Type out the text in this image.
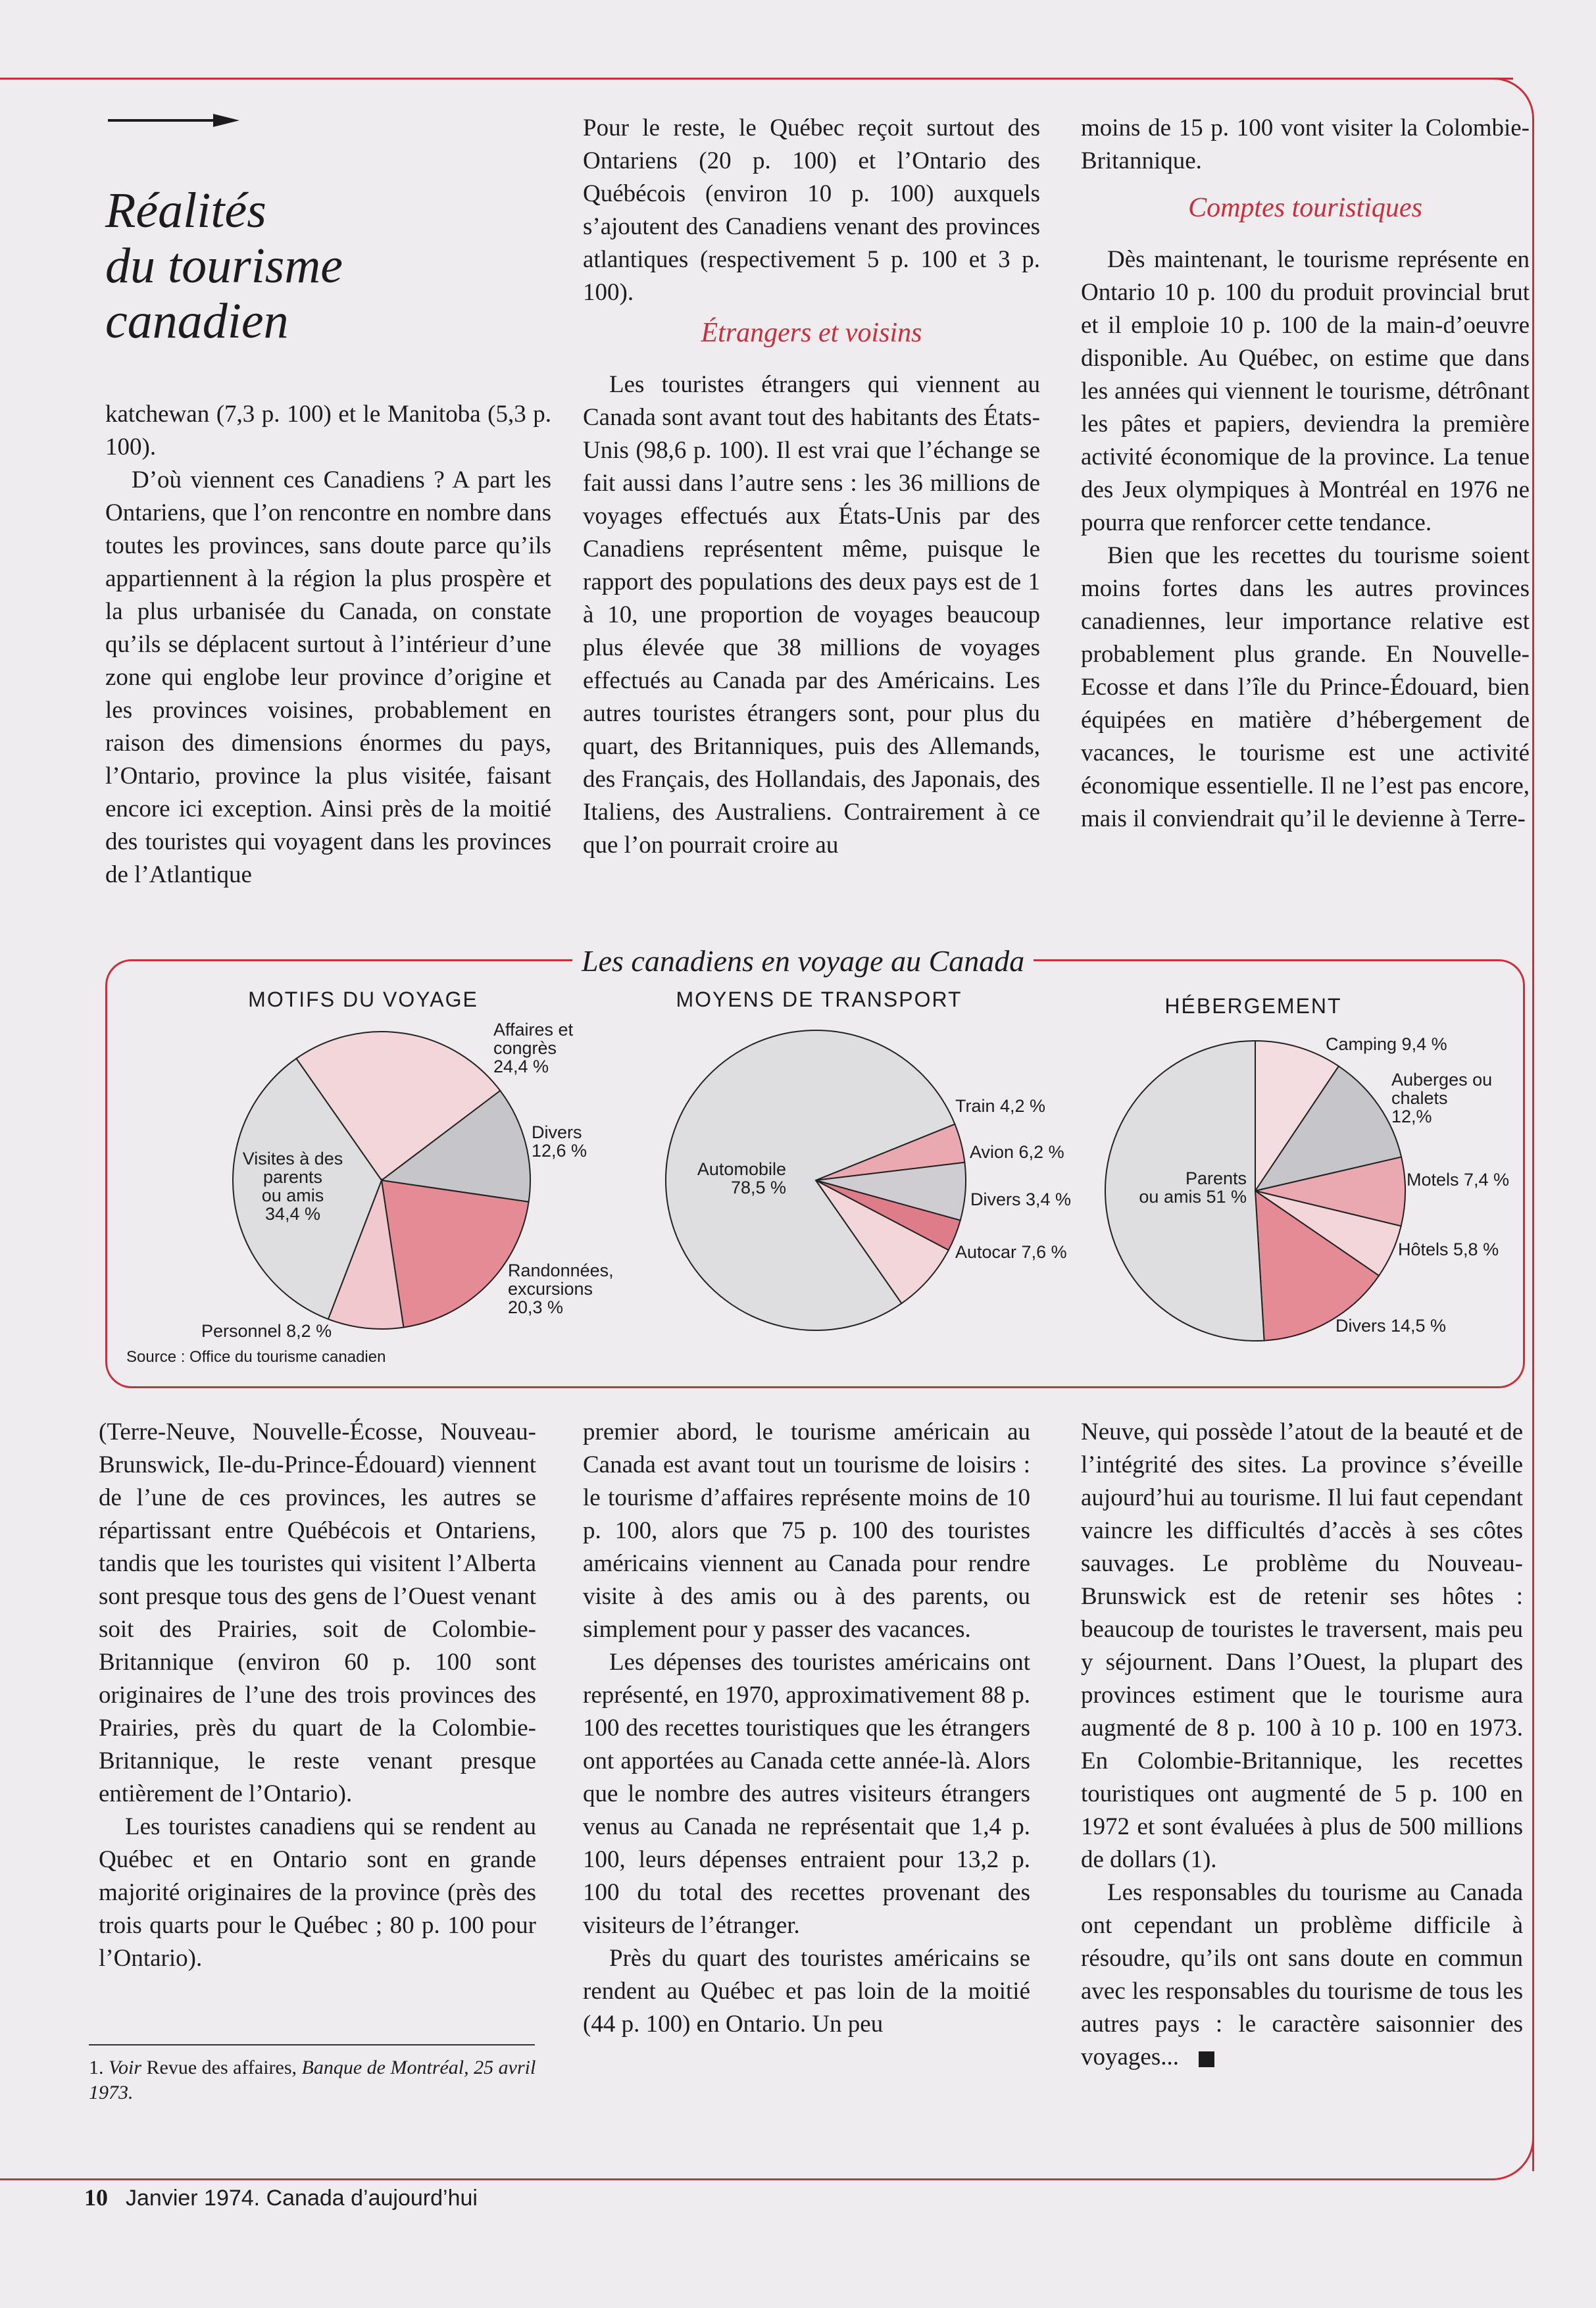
Réalités
du tourisme
canadien

katchewan (7,3 p. 100) et le Manitoba (5,3 p. 100).

D’où viennent ces Canadiens ? A part les Ontariens, que l’on rencontre en nombre dans toutes les provinces, sans doute parce qu’ils appartiennent à la région la plus prospère et la plus urbanisée du Canada, on constate qu’ils se déplacent surtout à l’intérieur d’une zone qui englobe leur province d’origine et les provinces voisines, probablement en raison des dimensions énormes du pays, l’Ontario, province la plus visitée, faisant encore ici exception. Ainsi près de la moitié des touristes qui voyagent dans les provinces de l’Atlantique

Pour le reste, le Québec reçoit surtout des Ontariens (20 p. 100) et l’Ontario des Québécois (environ 10 p. 100) auxquels s’ajoutent des Canadiens venant des provinces atlantiques (respectivement 5 p. 100 et 3 p. 100).

Étrangers et voisins

Les touristes étrangers qui viennent au Canada sont avant tout des habitants des États-Unis (98,6 p. 100). Il est vrai que l’échange se fait aussi dans l’autre sens : les 36 millions de voyages effectués aux États-Unis par des Canadiens représentent même, puisque le rapport des populations des deux pays est de 1 à 10, une proportion de voyages beaucoup plus élevée que 38 millions de voyages effectués au Canada par des Américains. Les autres touristes étrangers sont, pour plus du quart, des Britanniques, puis des Allemands, des Français, des Hollandais, des Japonais, des Italiens, des Australiens. Contrairement à ce que l’on pourrait croire au

moins de 15 p. 100 vont visiter la Colombie-Britannique.

Comptes touristiques

Dès maintenant, le tourisme représente en Ontario 10 p. 100 du produit provincial brut et il emploie 10 p. 100 de la main-d’oeuvre disponible. Au Québec, on estime que dans les années qui viennent le tourisme, détrônant les pâtes et papiers, deviendra la première activité économique de la province. La tenue des Jeux olympiques à Montréal en 1976 ne pourra que renforcer cette tendance.

Bien que les recettes du tourisme soient moins fortes dans les autres provinces canadiennes, leur importance relative est probablement plus grande. En Nouvelle-Ecosse et dans l’île du Prince-Édouard, bien équipées en matière d’hébergement de vacances, le tourisme est une activité économique essentielle. Il ne l’est pas encore, mais il conviendrait qu’il le devienne à Terre-

Les canadiens en voyage au Canada
MOTIFS DU VOYAGE	MOYENS DE TRANSPORT	HÉBERGEMENT
Affaires et congrès 24,4 %
Divers 12,6 %
Randonnées, excursions 20,3 %
Personnel 8,2 %
Visites à des parents ou amis 34,4 %
Train 4,2 %
Avion 6,2 %
Divers 3,4 %
Autocar 7,6 %
Automobile 78,5 %
Camping 9,4 %
Auberges ou chalets 12,%
Motels 7,4 %
Hôtels 5,8 %
Divers 14,5 %
Parents ou amis 51 %
Source : Office du tourisme canadien

(Terre-Neuve, Nouvelle-Écosse, Nouveau-Brunswick, Ile-du-Prince-Édouard) viennent de l’une de ces provinces, les autres se répartissant entre Québécois et Ontariens, tandis que les touristes qui visitent l’Alberta sont presque tous des gens de l’Ouest venant soit des Prairies, soit de Colombie-Britannique (environ 60 p. 100 sont originaires de l’une des trois provinces des Prairies, près du quart de la Colombie-Britannique, le reste venant presque entièrement de l’Ontario).

Les touristes canadiens qui se rendent au Québec et en Ontario sont en grande majorité originaires de la province (près des trois quarts pour le Québec ; 80 p. 100 pour l’Ontario).

premier abord, le tourisme américain au Canada est avant tout un tourisme de loisirs : le tourisme d’affaires représente moins de 10 p. 100, alors que 75 p. 100 des touristes américains viennent au Canada pour rendre visite à des amis ou à des parents, ou simplement pour y passer des vacances.

Les dépenses des touristes américains ont représenté, en 1970, approximativement 88 p. 100 des recettes touristiques que les étrangers ont apportées au Canada cette année-là. Alors que le nombre des autres visiteurs étrangers venus au Canada ne représentait que 1,4 p. 100, leurs dépenses entraient pour 13,2 p. 100 du total des recettes provenant des visiteurs de l’étranger.

Près du quart des touristes américains se rendent au Québec et pas loin de la moitié (44 p. 100) en Ontario. Un peu

Neuve, qui possède l’atout de la beauté et de l’intégrité des sites. La province s’éveille aujourd’hui au tourisme. Il lui faut cependant vaincre les difficultés d’accès à ses côtes sauvages. Le problème du Nouveau-Brunswick est de retenir ses hôtes : beaucoup de touristes le traversent, mais peu y séjournent. Dans l’Ouest, la plupart des provinces estiment que le tourisme aura augmenté de 8 p. 100 à 10 p. 100 en 1973. En Colombie-Britannique, les recettes touristiques ont augmenté de 5 p. 100 en 1972 et sont évaluées à plus de 500 millions de dollars (1).

Les responsables du tourisme au Canada ont cependant un problème difficile à résoudre, qu’ils ont sans doute en commun avec les responsables du tourisme de tous les autres pays : le caractère saisonnier des voyages...

1. Voir Revue des affaires, Banque de Montréal, 25 avril 1973.
10 Janvier 1974. Canada d’aujourd’hui
